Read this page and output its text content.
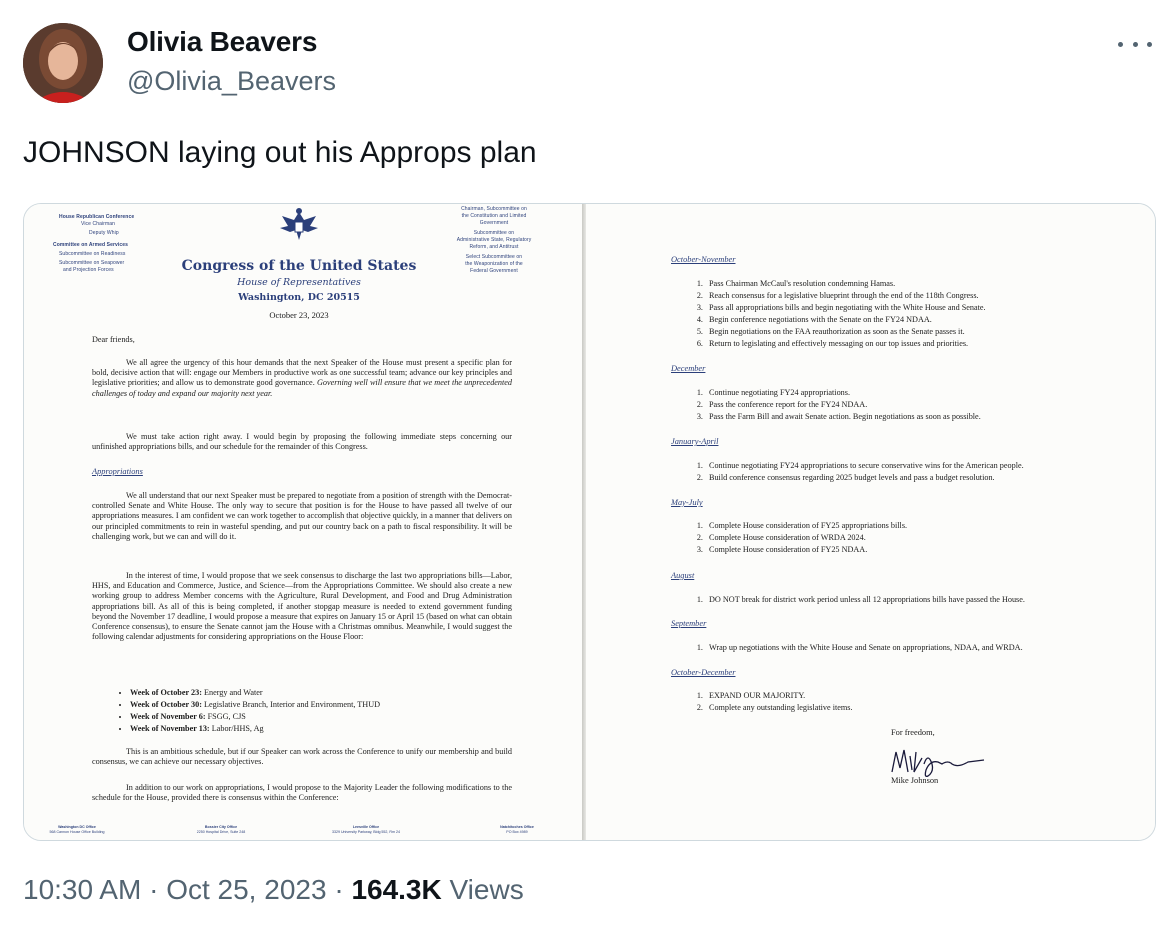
Olivia Beavers
@Olivia_Beavers
JOHNSON laying out his Approps plan
House Republican Conference
Vice Chairman
Deputy Whip
Committee on Armed Services
Subcommittee on Readiness
Subcommittee on Seapower
and Projection Forces	Congress of the United States
House of Representatives
Washington, DC 20515
October 23, 2023
Chairman, Subcommittee on
the Constitution and Limited
Government
Subcommittee on
Administrative State, Regulatory
Reform, and Antitrust
Select Subcommittee on
the Weaponization of the
Federal Government
Dear friends,
We all agree the urgency of this hour demands that the next Speaker of the House must present a specific plan for bold, decisive action that will: engage our Members in productive work as one successful team; advance our key principles and legislative priorities; and allow us to demonstrate good governance. Governing well will ensure that we meet the unprecedented challenges of today and expand our majority next year.
We must take action right away. I would begin by proposing the following immediate steps concerning our unfinished appropriations bills, and our schedule for the remainder of this Congress.
Appropriations
We all understand that our next Speaker must be prepared to negotiate from a position of strength with the Democrat-controlled Senate and White House. The only way to secure that position is for the House to have passed all twelve of our appropriations measures. I am confident we can work together to accomplish that objective quickly, in a manner that delivers on our principled commitments to rein in wasteful spending, and put our country back on a path to fiscal responsibility. It will be challenging work, but we can and will do it.
In the interest of time, I would propose that we seek consensus to discharge the last two appropriations bills—Labor, HHS, and Education and Commerce, Justice, and Science—from the Appropriations Committee. We should also create a new working group to address Member concerns with the Agriculture, Rural Development, and Food and Drug Administration appropriations bill. As all of this is being completed, if another stopgap measure is needed to extend government funding beyond the November 17 deadline, I would propose a measure that expires on January 15 or April 15 (based on what can obtain Conference consensus), to ensure the Senate cannot jam the House with a Christmas omnibus. Meanwhile, I would suggest the following calendar adjustments for considering appropriations on the House Floor:
• Week of October 23: Energy and Water
• Week of October 30: Legislative Branch, Interior and Environment, THUD
• Week of November 6: FSGG, CJS
• Week of November 13: Labor/HHS, Ag
This is an ambitious schedule, but if our Speaker can work across the Conference to unify our membership and build consensus, we can achieve our necessary objectives.
In addition to our work on appropriations, I would propose to the Majority Leader the following modifications to the schedule for the House, provided there is consensus within the Conference:
Washington DC Office
568 Cannon House Office Building
Bossier City Office
2250 Hospital Drive, Suite 248
Leesville Office
3329 University Parkway, Bldg 552, Rm 24
Natchitoches Office
PO Box 4989
October-November
1. Pass Chairman McCaul's resolution condemning Hamas.
2. Reach consensus for a legislative blueprint through the end of the 118th Congress.
3. Pass all appropriations bills and begin negotiating with the White House and Senate.
4. Begin conference negotiations with the Senate on the FY24 NDAA.
5. Begin negotiations on the FAA reauthorization as soon as the Senate passes it.
6. Return to legislating and effectively messaging on our top issues and priorities.
December
1. Continue negotiating FY24 appropriations.
2. Pass the conference report for the FY24 NDAA.
3. Pass the Farm Bill and await Senate action. Begin negotiations as soon as possible.
January-April
1. Continue negotiating FY24 appropriations to secure conservative wins for the American people.
2. Build conference consensus regarding 2025 budget levels and pass a budget resolution.
May-July
1. Complete House consideration of FY25 appropriations bills.
2. Complete House consideration of WRDA 2024.
3. Complete House consideration of FY25 NDAA.
August
1. DO NOT break for district work period unless all 12 appropriations bills have passed the House.
September
1. Wrap up negotiations with the White House and Senate on appropriations, NDAA, and WRDA.
October-December
1. EXPAND OUR MAJORITY.
2. Complete any outstanding legislative items.
For freedom,
Mike Johnson
10:30 AM · Oct 25, 2023 · 164.3K Views
